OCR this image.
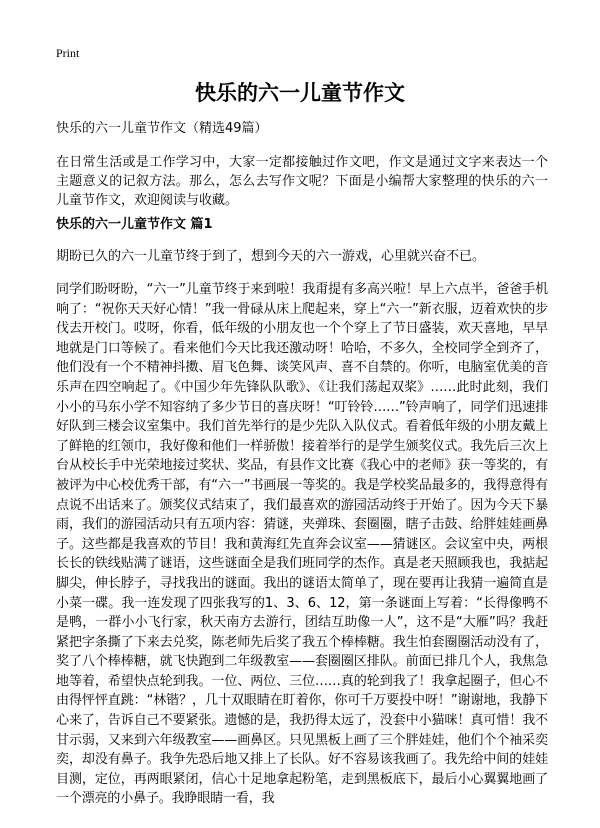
Print
快乐的六一儿童节作文

快乐的六一儿童节作文（精选49篇）

在日常生活或是工作学习中，大家一定都接触过作文吧，作文是通过文字来表达一个主题意义的记叙方法。那么，怎么去写作文呢？下面是小编帮大家整理的快乐的六一儿童节作文，欢迎阅读与收藏。

快乐的六一儿童节作文 篇1

期盼已久的六一儿童节终于到了，想到今天的六一游戏，心里就兴奋不已。

同学们盼呀盼，“六一”儿童节终于来到啦！我甭提有多高兴啦！早上六点半，爸爸手机响了：“祝你天天好心情！”我一骨碌从床上爬起来，穿上“六一”新衣服，迈着欢快的步伐去开校门。哎呀，你看，低年级的小朋友也一个个穿上了节日盛装，欢天喜地，早早地就是门口等候了。看来他们今天比我还激动呀！哈哈，不多久，全校同学全到齐了，他们没有一个不精神抖擞、眉飞色舞、谈笑风声、喜不自禁的。你听，电脑室优美的音乐声在四空响起了。《中国少年先锋队队歌》、《让我们荡起双桨》……此时此刻，我们小小的马东小学不知容纳了多少节日的喜庆呀！“叮铃铃……”铃声响了，同学们迅速排好队到三楼会议室集中。我们首先举行的是少先队入队仪式。看着低年级的小朋友戴上了鲜艳的红领巾，我好像和他们一样骄傲！接着举行的是学生颁奖仪式。我先后三次上台从校长手中光荣地接过奖状、奖品，有县作文比赛《我心中的老师》获一等奖的，有被评为中心校优秀干部，有“六一”书画展一等奖的。我是学校奖品最多的，我得意得有点说不出话来了。颁奖仪式结束了，我们最喜欢的游园活动终于开始了。因为今天下暴雨，我们的游园活动只有五项内容：猜谜，夹弹珠、套圈圈，瞎子击鼓、给胖娃娃画鼻子。这些都是我喜欢的节目！我和黄海红先直奔会议室——猜谜区。会议室中央，两根长长的铁线贴满了谜语，这些谜面全是我们班同学的杰作。真是老天照顾我也，我掂起脚尖，伸长脖子，寻找我出的谜面。我出的谜语太简单了，现在要再让我猜一遍简直是小菜一碟。我一连发现了四张我写的1、3、6、12，第一条谜面上写着：“长得像鸭不是鸭，一群小小飞行家，秋天南方去游行，团结互助像一人”，这不是“大雁”吗？我赶紧把字条撕了下来去兑奖，陈老师先后奖了我五个棒棒糖。我生怕套圈圈活动没有了，奖了八个棒棒糖，就飞快跑到二年级教室——套圈圈区排队。前面已排几个人，我焦急地等着，希望快点轮到我。一位、两位、三位……真的轮到我了！我拿起圈子，但心不由得怦怦直跳：“林锴？，几十双眼睛在盯着你，你可千万要投中呀！”谢谢地，我静下心来了，告诉自己不要紧张。遗憾的是，我扔得太远了，没套中小猫咪！真可惜！我不甘示弱，又来到六年级教室——画鼻区。只见黑板上画了三个胖娃娃，他们个个袖采奕奕，却没有鼻子。我争先恐后地又排上了长队。好不容易该我画了。我先给中间的娃娃目测，定位，再两眼紧闭，信心十足地拿起粉笔，走到黑板底下，最后小心翼翼地画了一个漂亮的小鼻子。我睁眼睛一看，我
